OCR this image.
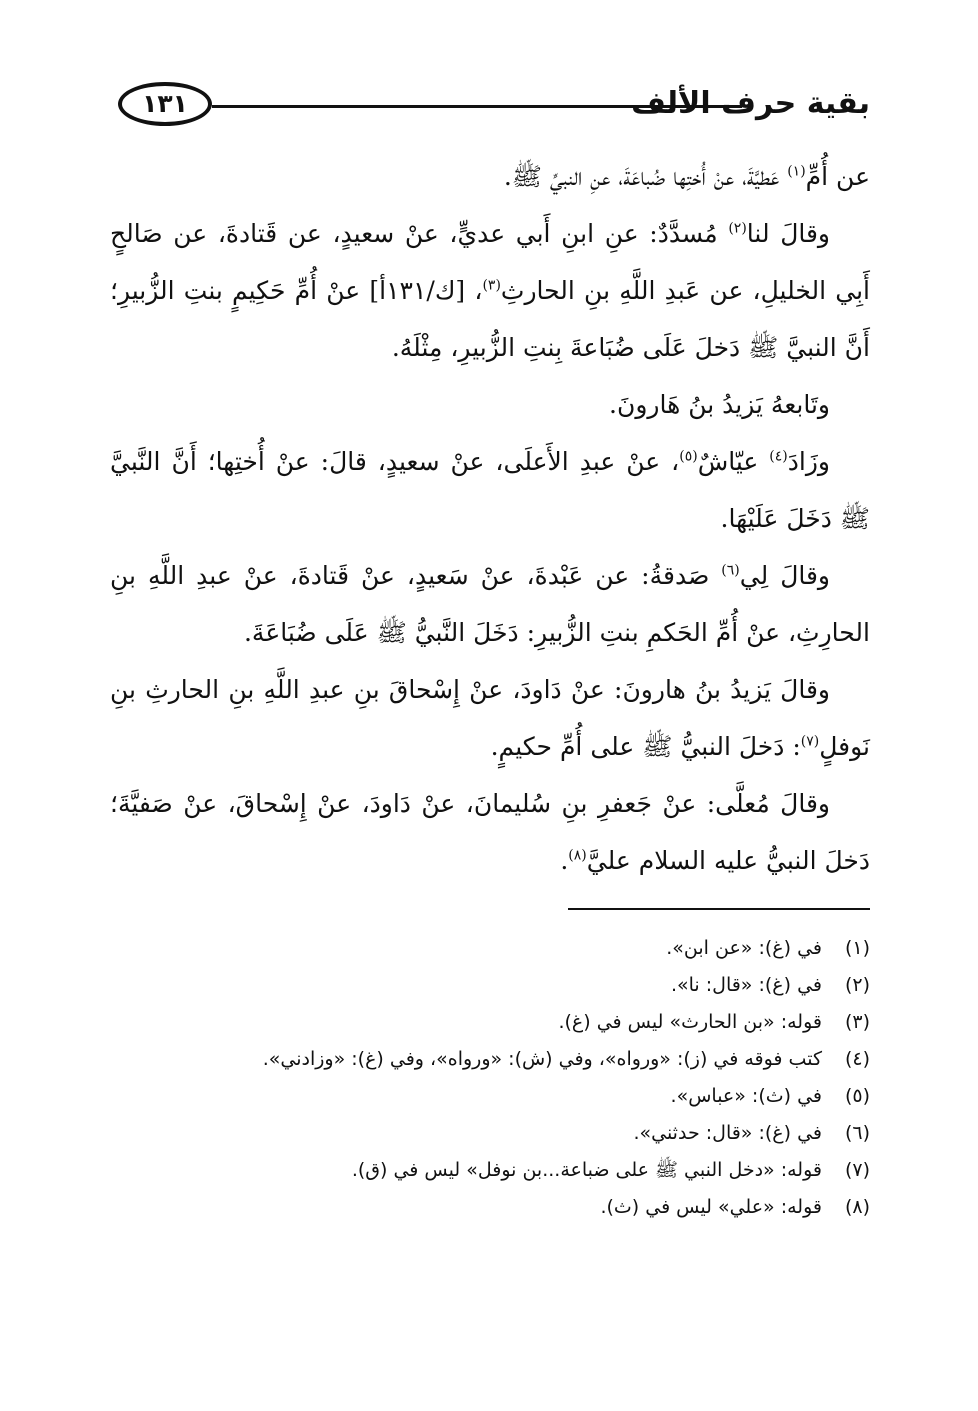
١٣١	بقية حرف الألف

عن أُمِّ$^{(١)}$ عَطيَّةَ، عنْ أُختِها ضُباعَةَ، عنِ النبيِّ ﷺ.

وقالَ لنا$^{(٢)}$ مُسدَّدٌ: عنِ ابنِ أَبي عديٍّ، عنْ سعيدٍ، عن قَتادةَ، عن صَالحٍ أَبِي الخليلِ، عن عَبدِ اللَّهِ بنِ الحارثِ$^{(٣)}$، [ك/١٣١أ] عنْ أُمِّ حَكِيمٍ بنتِ الزُّبيرِ؛ أَنَّ النبيَّ ﷺ دَخلَ عَلَى ضُبَاعةَ بِنتِ الزُّبيرِ، مِثْلَهُ.

وتَابعهُ يَزيدُ بنُ هَارونَ.

وزَادَ$^{(٤)}$ عيّاشٌ$^{(٥)}$، عنْ عبدِ الأَعلَى، عنْ سعيدٍ، قالَ: عنْ أُختِها؛ أَنَّ النَّبيَّ ﷺ دَخَلَ عَلَيْهَا.

وقالَ لِي$^{(٦)}$ صَدقةُ: عن عَبْدةَ، عنْ سَعيدٍ، عنْ قَتادةَ، عنْ عبدِ اللَّهِ بنِ الحارِثِ، عنْ أُمِّ الحَكمِ بنتِ الزُّبيرِ: دَخَلَ النَّبيُّ ﷺ عَلَى ضُبَاعَةَ.

وقالَ يَزيدُ بنُ هارونَ: عنْ دَاودَ، عنْ إِسْحاقَ بنِ عبدِ اللَّهِ بنِ الحارثِ بنِ نَوفلٍ$^{(٧)}$: دَخلَ النبيُّ ﷺ على أُمِّ حكيمٍ.

وقالَ مُعلَّى: عنْ جَعفرِ بنِ سُليمانَ، عنْ دَاودَ، عنْ إِسْحاقَ، عنْ صَفيَّةَ؛ دَخلَ النبيُّ عليه السلام عليَّ$^{(٨)}$.

(١)في (غ): «عن ابن».
(٢)في (غ): «قال: نا».
(٣)قوله: «بن الحارث» ليس في (غ).
(٤)كتب فوقه في (ز): «ورواه»، وفي (ش): «ورواه»، وفي (غ): «وزادني».
(٥)في (ث): «عباس».
(٦)في (غ): «قال: حدثني».
(٧)قوله: «دخل النبي ﷺ على ضباعة...بن نوفل» ليس في (ق).
(٨)قوله: «علي» ليس في (ث).
